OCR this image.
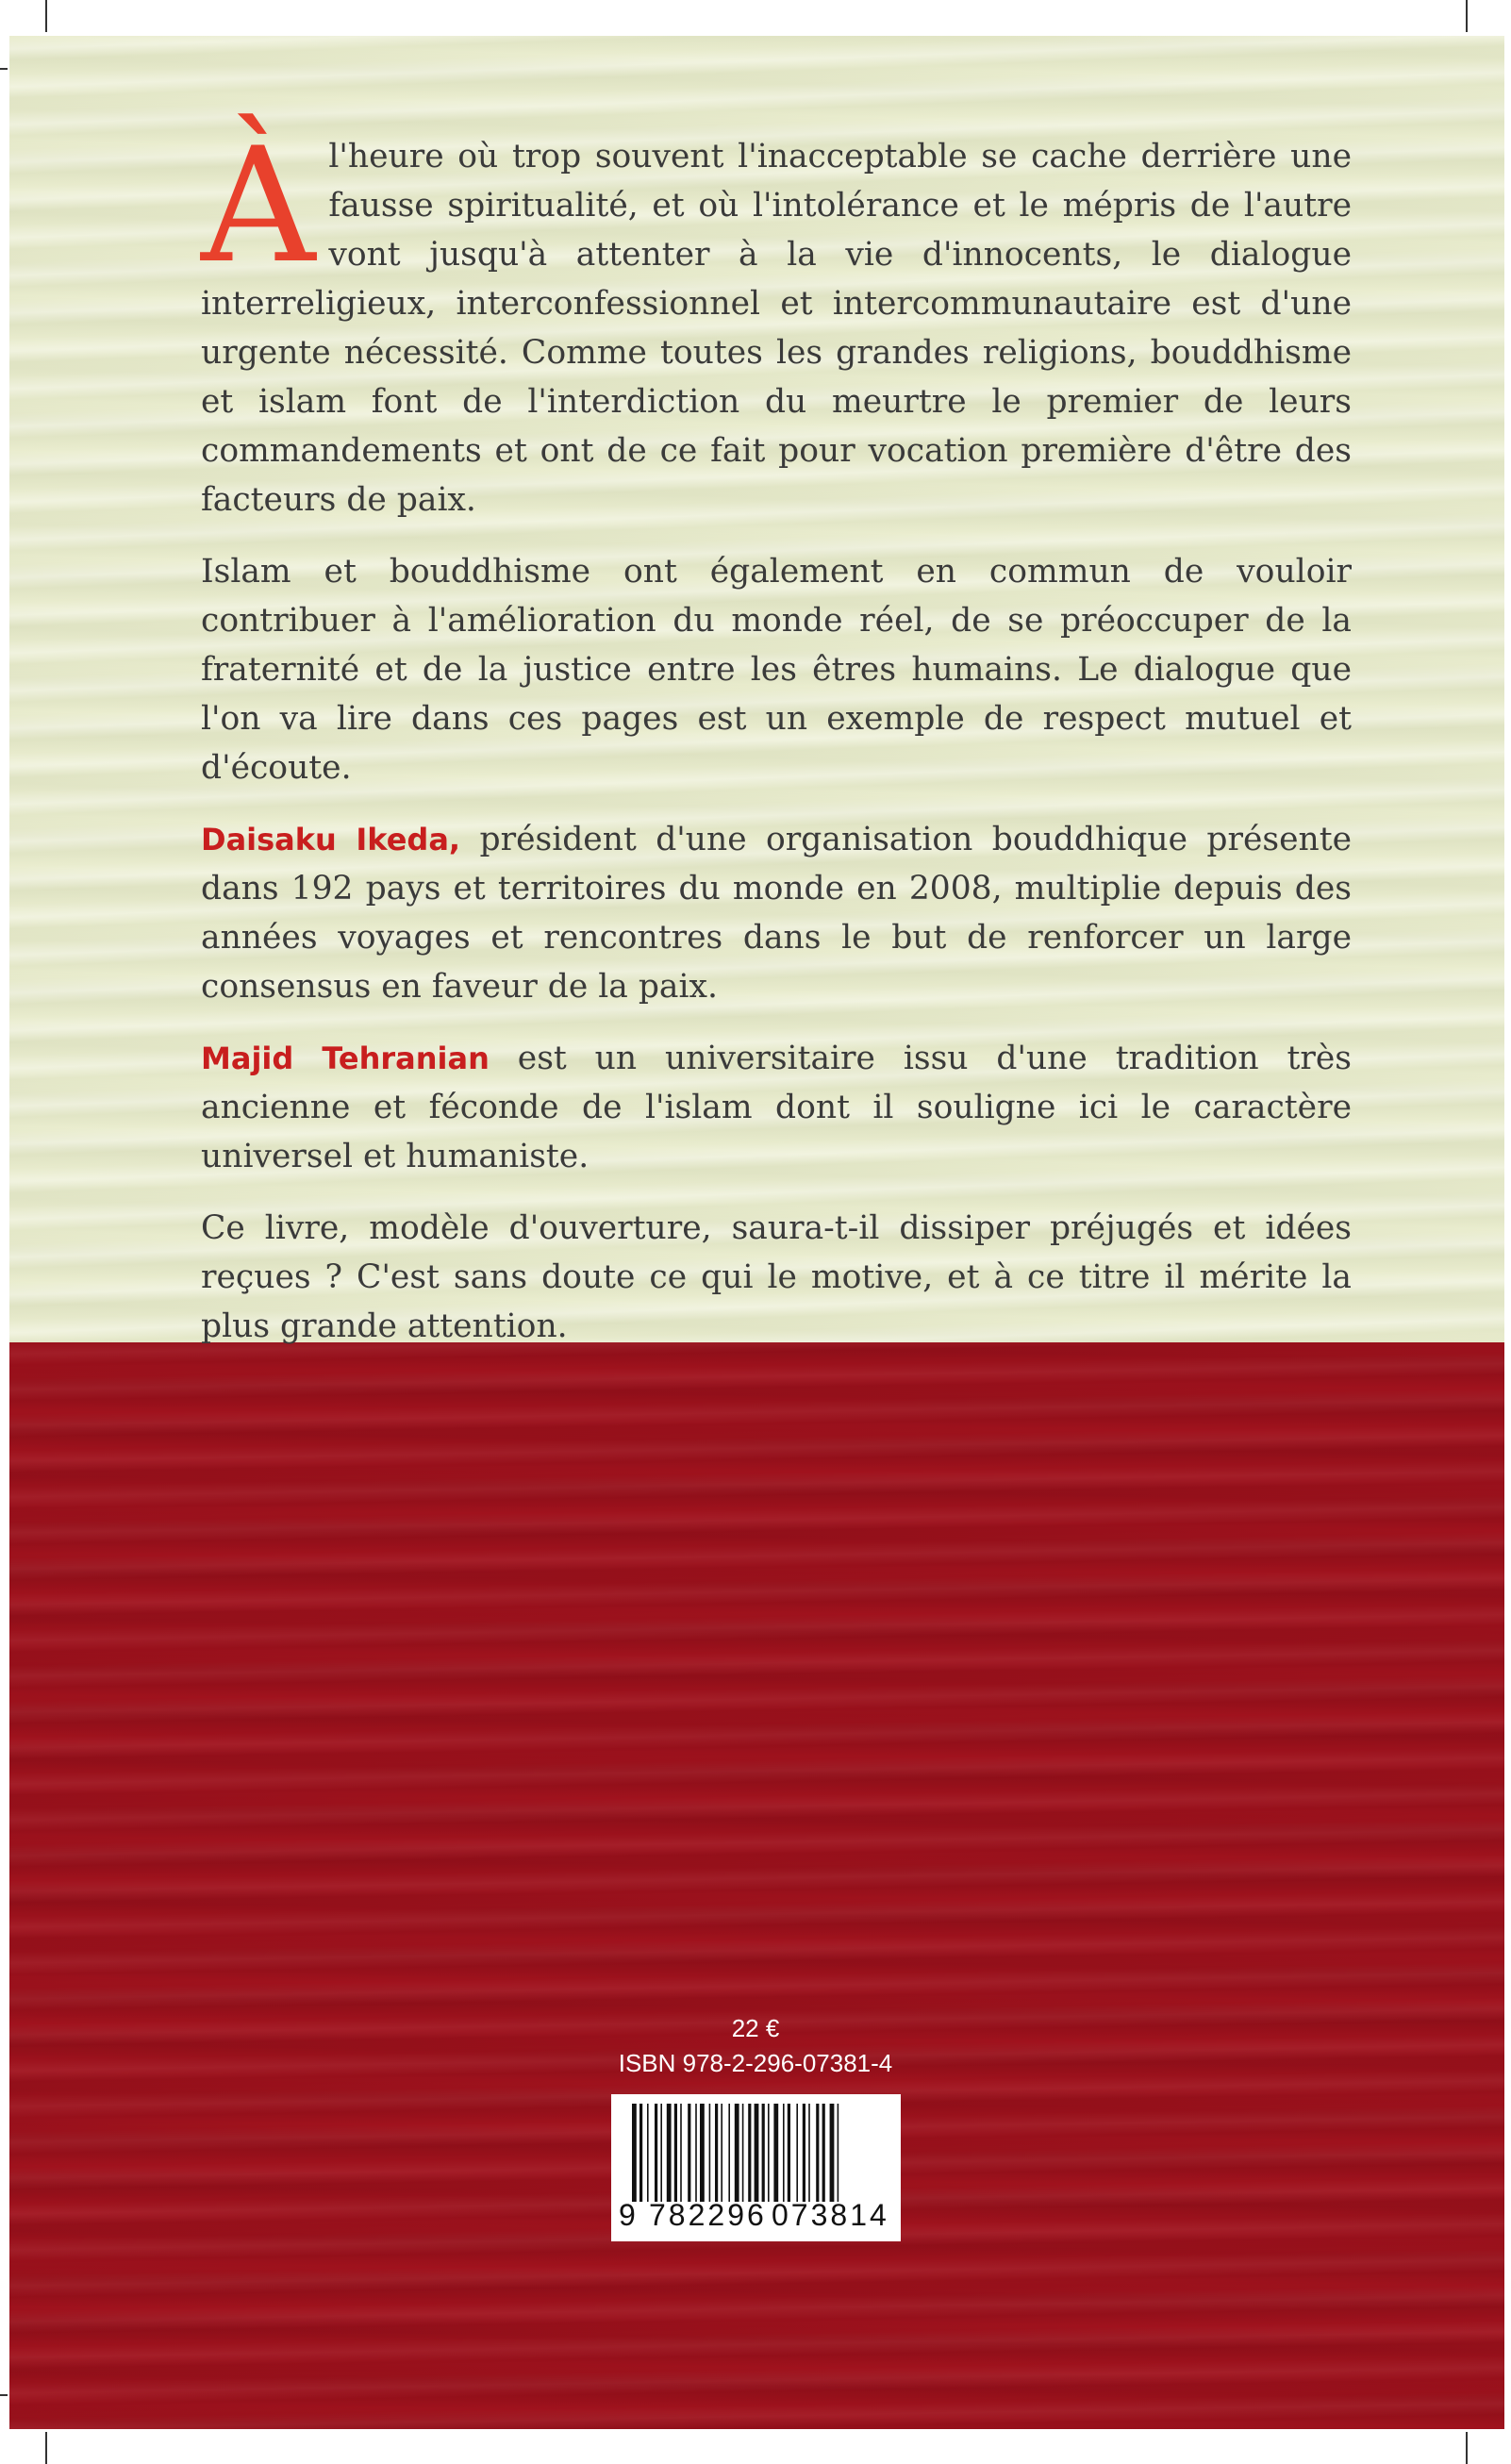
À l'heure où trop souvent l'inacceptable se cache derrière une fausse spiritualité, et où l'intolérance et le mépris de l'autre vont jusqu'à attenter à la vie d'innocents, le dialogue interreligieux, interconfessionnel et intercommunautaire est d'une urgente nécessité. Comme toutes les grandes religions, bouddhisme et islam font de l'interdiction du meurtre le premier de leurs commandements et ont de ce fait pour vocation première d'être des facteurs de paix.

Islam et bouddhisme ont également en commun de vouloir contribuer à l'amélioration du monde réel, de se préoccuper de la fraternité et de la justice entre les êtres humains. Le dialogue que l'on va lire dans ces pages est un exemple de respect mutuel et d'écoute.

Daisaku Ikeda, président d'une organisation bouddhique présente dans 192 pays et territoires du monde en 2008, multiplie depuis des années voyages et rencontres dans le but de renforcer un large consensus en faveur de la paix.

Majid Tehranian est un universitaire issu d'une tradition très ancienne et féconde de l'islam dont il souligne ici le caractère universel et humaniste.

Ce livre, modèle d'ouverture, saura-t-il dissiper préjugés et idées reçues ? C'est sans doute ce qui le motive, et à ce titre il mérite la plus grande attention.

22 €
ISBN 978-2-296-07381-4
9 782296 073814
